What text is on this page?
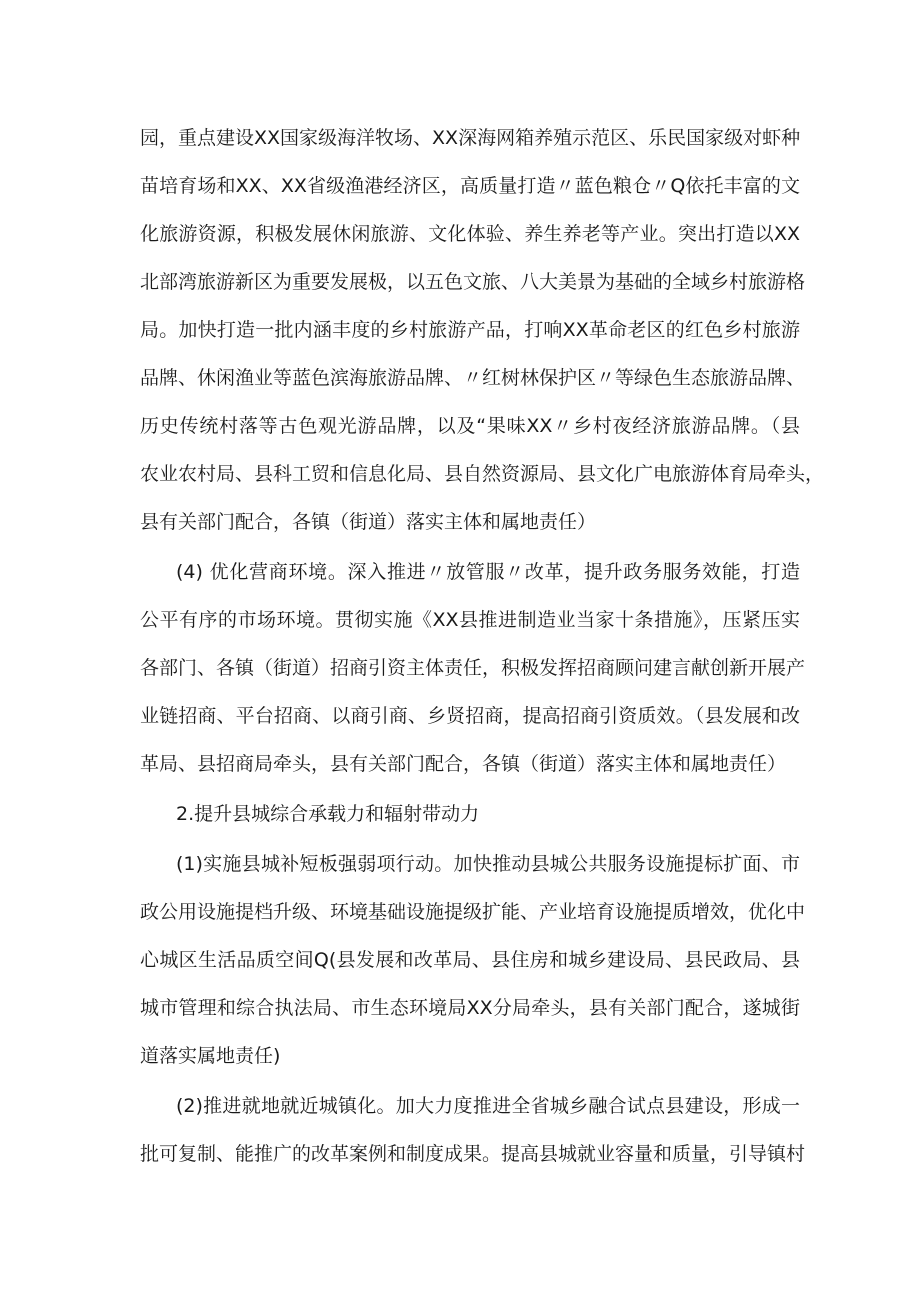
园，重点建设XX国家级海洋牧场、XX深海网箱养殖示范区、乐民国家级对虾种
苗培育场和XX、XX省级渔港经济区，高质量打造〃蓝色粮仓〃Q依托丰富的文
化旅游资源，积极发展休闲旅游、文化体验、养生养老等产业。突出打造以XX
北部湾旅游新区为重要发展极，以五色文旅、八大美景为基础的全域乡村旅游格
局。加快打造一批内涵丰度的乡村旅游产品，打响XX革命老区的红色乡村旅游
品牌、休闲渔业等蓝色滨海旅游品牌、〃红树林保护区〃等绿色生态旅游品牌、
历史传统村落等古色观光游品牌，以及“果味XX〃乡村夜经济旅游品牌。（县
农业农村局、县科工贸和信息化局、县自然资源局、县文化广电旅游体育局牵头，
县有关部门配合，各镇（街道）落实主体和属地责任）
(4) 优化营商环境。深入推进〃放管服〃改革，提升政务服务效能，打造
公平有序的市场环境。贯彻实施《XX县推进制造业当家十条措施》，压紧压实
各部门、各镇（街道）招商引资主体责任，积极发挥招商顾问建言献创新开展产
业链招商、平台招商、以商引商、乡贤招商，提高招商引资质效。（县发展和改
革局、县招商局牵头，县有关部门配合，各镇（街道）落实主体和属地责任）
2.提升县城综合承载力和辐射带动力
(1)实施县城补短板强弱项行动。加快推动县城公共服务设施提标扩面、市
政公用设施提档升级、环境基础设施提级扩能、产业培育设施提质增效，优化中
心城区生活品质空间Q(县发展和改革局、县住房和城乡建设局、县民政局、县
城市管理和综合执法局、市生态环境局XX分局牵头，县有关部门配合，遂城街
道落实属地责任)
(2)推进就地就近城镇化。加大力度推进全省城乡融合试点县建设，形成一
批可复制、能推广的改革案例和制度成果。提高县城就业容量和质量，引导镇村
